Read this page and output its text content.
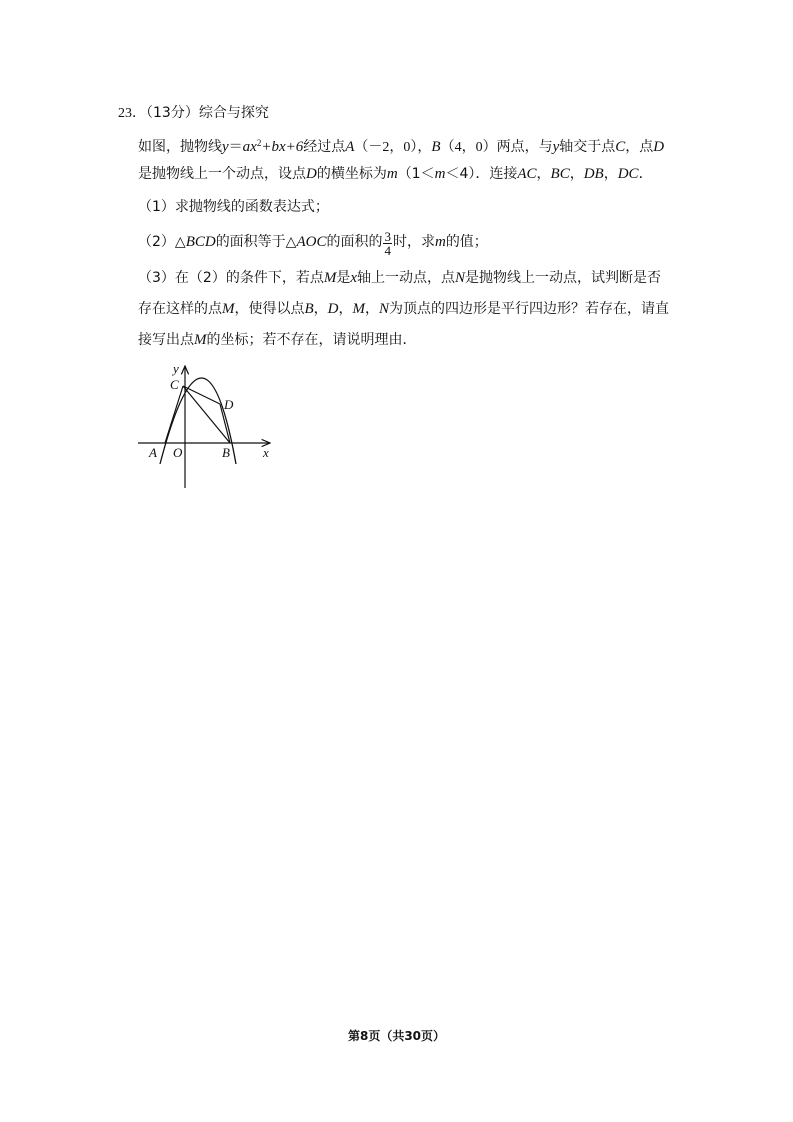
23．（13分）综合与探究
如图，抛物线$y=ax^2+bx+6$经过点A（－2，0），B（4，0）两点，与y轴交于点C，点D
是抛物线上一个动点，设点D的横坐标为m（1＜m＜4）．连接AC，BC，DB，DC．
（1）求抛物线的函数表达式；
（2）△BCD的面积等于△AOC的面积的 $\frac{3}{4}$ 时，求m的值；
（3）在（2）的条件下，若点M是x轴上一动点，点N是抛物线上一动点，试判断是否
存在这样的点M，使得以点B，D，M，N为顶点的四边形是平行四边形？若存在，请直
接写出点M的坐标；若不存在，请说明理由．
y
C
D
A O	B	x
第8页（共30页）
